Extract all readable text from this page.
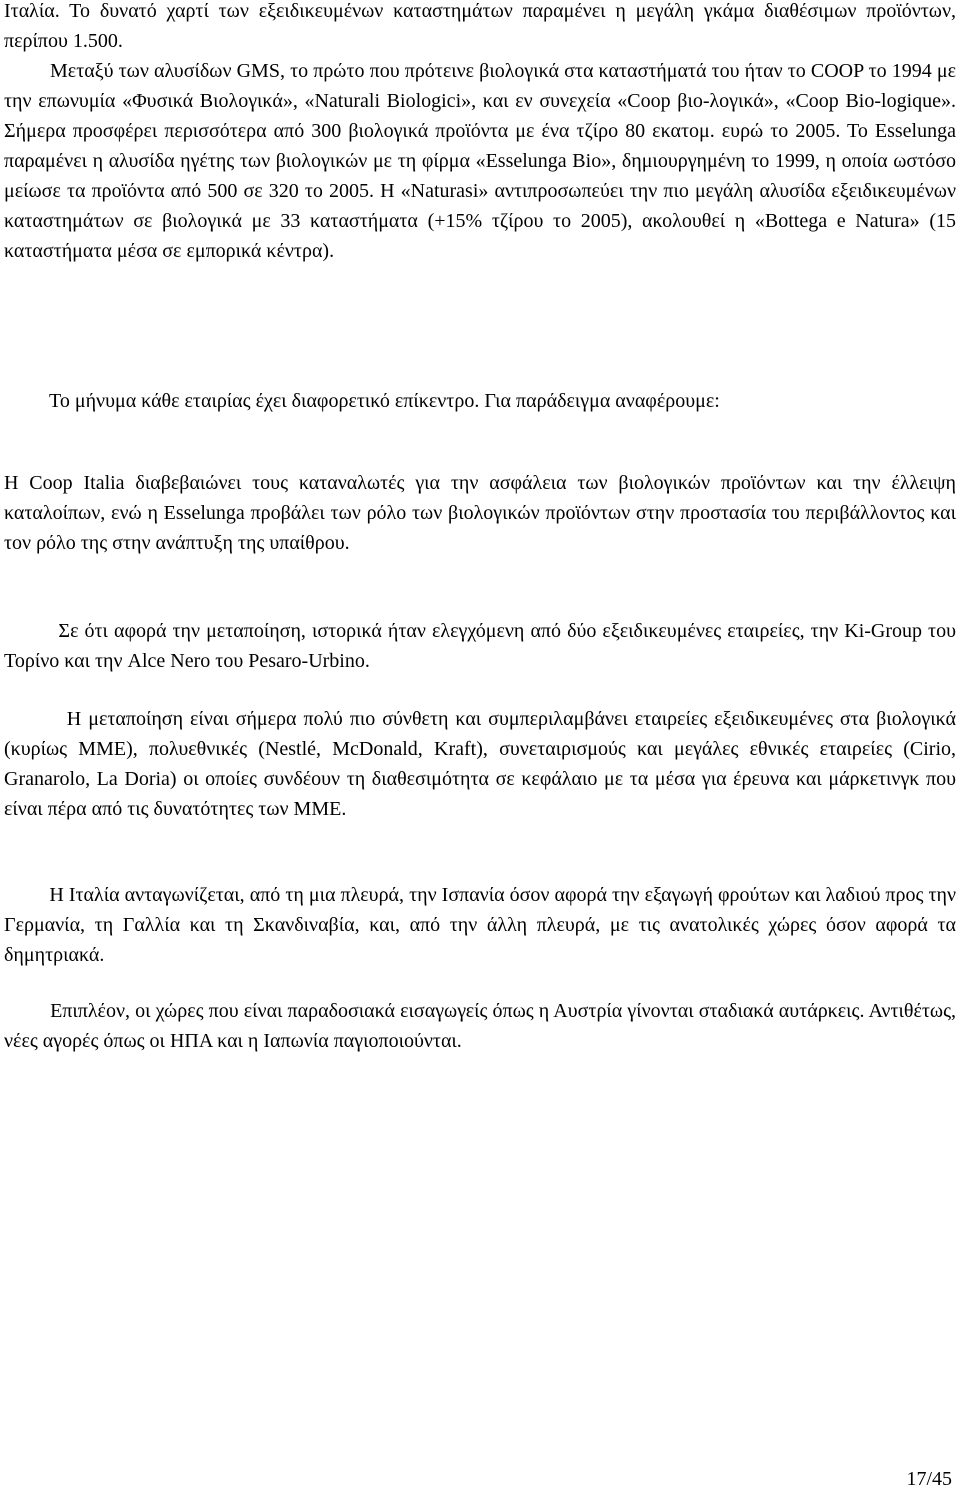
Ιταλία. Το δυνατό χαρτί των εξειδικευμένων καταστημάτων παραμένει η μεγάλη γκάμα διαθέσιμων προϊόντων, περίπου 1.500.

Μεταξύ των αλυσίδων GMS, το πρώτο που πρότεινε βιολογικά στα καταστήματά του ήταν το COOP το 1994 με την επωνυμία «Φυσικά Βιολογικά», «Naturali Biologici», και εν συνεχεία «Coop βιο-λογικά», «Coop Bio-logique». Σήμερα προσφέρει περισσότερα από 300 βιολογικά προϊόντα με ένα τζίρο 80 εκατομ. ευρώ το 2005. Το Esselunga παραμένει η αλυσίδα ηγέτης των βιολογικών με τη φίρμα «Esselunga Bio», δημιουργημένη το 1999, η οποία ωστόσο μείωσε τα προϊόντα από 500 σε 320 το 2005. Η «Naturasi» αντιπροσωπεύει την πιο μεγάλη αλυσίδα εξειδικευμένων καταστημάτων σε βιολογικά με 33 καταστήματα (+15% τζίρου το 2005), ακολουθεί η «Bottega e Natura» (15 καταστήματα μέσα σε εμπορικά κέντρα).

Το μήνυμα κάθε εταιρίας έχει διαφορετικό επίκεντρο. Για παράδειγμα αναφέρουμε:

Η Coop Italia διαβεβαιώνει τους καταναλωτές για την ασφάλεια των βιολογικών προϊόντων και την έλλειψη καταλοίπων, ενώ η Esselunga προβάλει των ρόλο των βιολογικών προϊόντων στην προστασία του περιβάλλοντος και τον ρόλο της στην ανάπτυξη της υπαίθρου.

Σε ότι αφορά την μεταποίηση, ιστορικά ήταν ελεγχόμενη από δύο εξειδικευμένες εταιρείες, την Ki-Group του Τορίνο και την Alce Nero του Pesaro-Urbino.

Η μεταποίηση είναι σήμερα πολύ πιο σύνθετη και συμπεριλαμβάνει εταιρείες εξειδικευμένες στα βιολογικά (κυρίως ΜΜΕ), πολυεθνικές (Nestlé, McDonald, Kraft), συνεταιρισμούς και μεγάλες εθνικές εταιρείες (Cirio, Granarolo, La Doria) οι οποίες συνδέουν τη διαθεσιμότητα σε κεφάλαιο με τα μέσα για έρευνα και μάρκετινγκ που είναι πέρα από τις δυνατότητες των ΜΜΕ.

Η Ιταλία ανταγωνίζεται, από τη μια πλευρά, την Ισπανία όσον αφορά την εξαγωγή φρούτων και λαδιού προς την Γερμανία, τη Γαλλία και τη Σκανδιναβία, και, από την άλλη πλευρά, με τις ανατολικές χώρες όσον αφορά τα δημητριακά.

Επιπλέον, οι χώρες που είναι παραδοσιακά εισαγωγείς όπως η Αυστρία γίνονται σταδιακά αυτάρκεις. Αντιθέτως, νέες αγορές όπως οι ΗΠΑ και η Ιαπωνία παγιοποιούνται.

17/45
